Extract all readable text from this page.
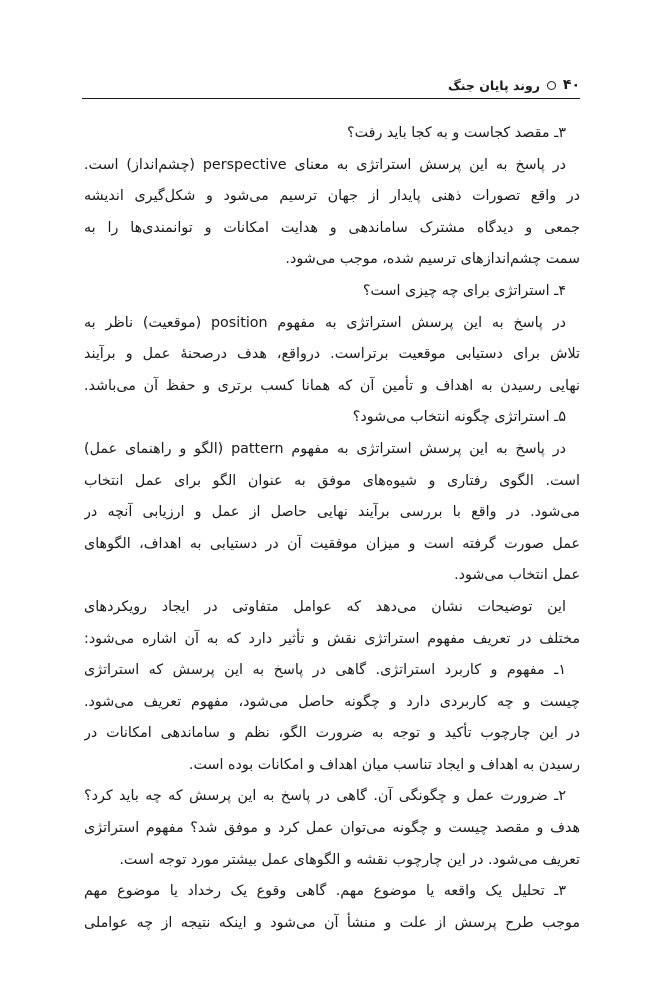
۴۰
روند پایان جنگ
۳ـ مقصد کجاست و به کجا باید رفت؟
در پاسخ به این پرسش استراتژی به معنای perspective (چشم‌انداز) است.
در واقع تصورات ذهنی پایدار از جهان ترسیم می‌شود و شکل‌گیری اندیشه
جمعی و دیدگاه مشترک ساماندهی و هدایت امکانات و توانمندی‌ها را به
سمت چشم‌اندازهای ترسیم شده، موجب می‌شود.
۴ـ استراتژی برای چه چیزی است؟
در پاسخ به این پرسش استراتژی به مفهوم position (موقعیت) ناظر به
تلاش برای دستیابی موقعیت برتراست. درواقع، هدف درصحنهٔ عمل و برآیند
نهایی رسیدن به اهداف و تأمین آن که همانا کسب برتری و حفظ آن می‌باشد.
۵ـ استراتژی چگونه انتخاب می‌شود؟
در پاسخ به این پرسش استراتژی به مفهوم pattern (الگو و راهنمای عمل)
است. الگوی رفتاری و شیوه‌های موفق به عنوان الگو برای عمل انتخاب
می‌شود. در واقع با بررسی برآیند نهایی حاصل از عمل و ارزیابی آنچه در
عمل صورت گرفته است و میزان موفقیت آن در دستیابی به اهداف، الگوهای
عمل انتخاب می‌شود.
این توضیحات نشان می‌دهد که عوامل متفاوتی در ایجاد رویکردهای
مختلف در تعریف مفهوم استراتژی نقش و تأثیر دارد که به آن اشاره می‌شود:
۱ـ مفهوم و کاربرد استراتژی. گاهی در پاسخ به این پرسش که استراتژی
چیست و چه کاربردی دارد و چگونه حاصل می‌شود، مفهوم تعریف می‌شود.
در این چارچوب تأکید و توجه به ضرورت الگو، نظم و ساماندهی امکانات در
رسیدن به اهداف و ایجاد تناسب میان اهداف و امکانات بوده است.
۲ـ ضرورت عمل و چگونگی آن. گاهی در پاسخ به این پرسش که چه باید کرد؟
هدف و مقصد چیست و چگونه می‌توان عمل کرد و موفق شد؟ مفهوم استراتژی
تعریف می‌شود. در این چارچوب نقشه و الگوهای عمل بیشتر مورد توجه است.
۳ـ تحلیل یک واقعه یا موضوع مهم. گاهی وقوع یک رخداد یا موضوع مهم
موجب طرح پرسش از علت و منشأ آن می‌شود و اینکه نتیجه از چه عواملی
